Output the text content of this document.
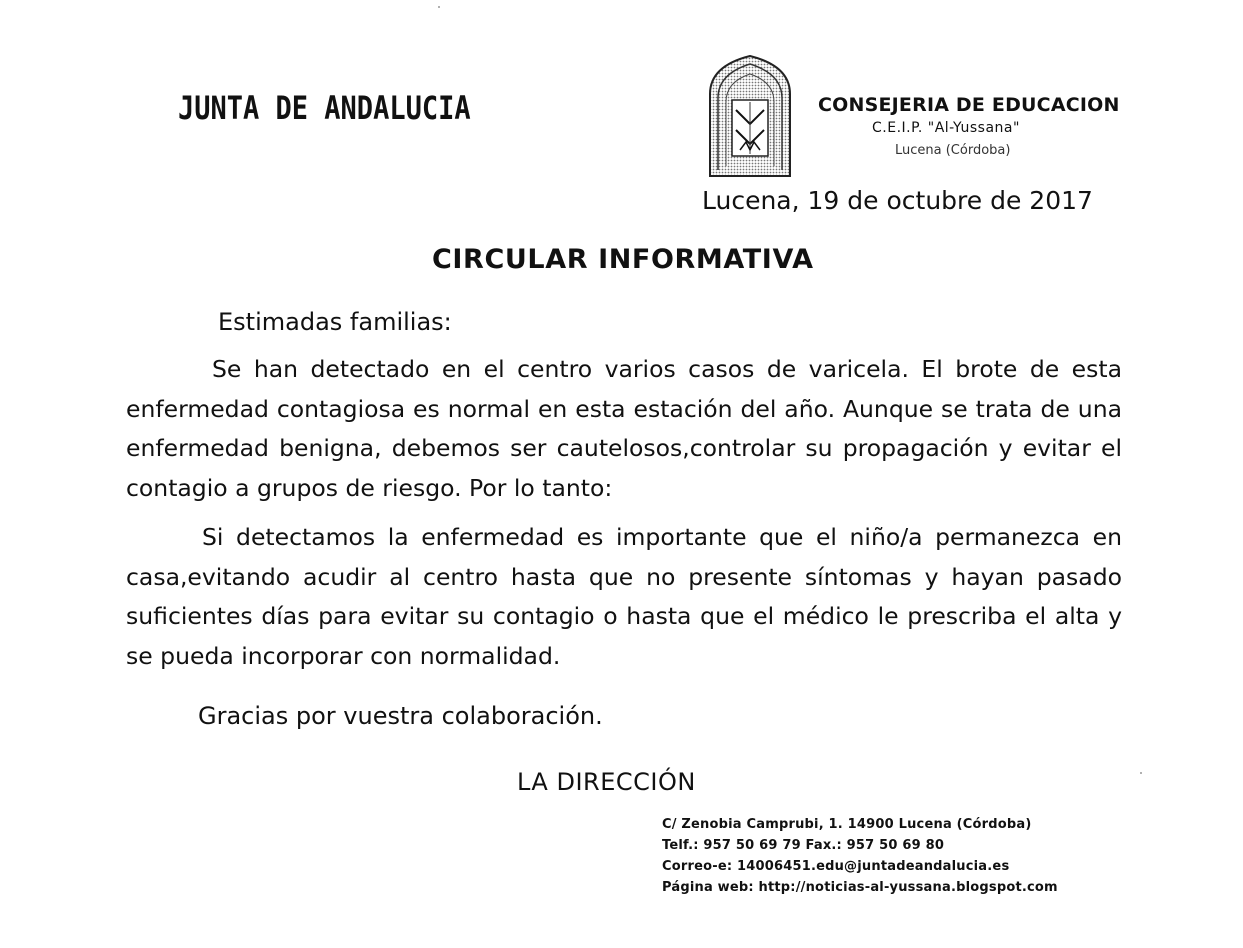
JUNTA DE ANDALUCIA	CONSEJERIA DE EDUCACION
C.E.I.P. "Al-Yussana"
Lucena (Córdoba)
Lucena, 19 de octubre de 2017
CIRCULAR INFORMATIVA
Estimadas familias:

Se han detectado en el centro varios casos de varicela. El brote de esta enfermedad contagiosa es normal en esta estación del año. Aunque se trata de una enfermedad benigna, debemos ser cautelosos,controlar su propagación y evitar el contagio a grupos de riesgo. Por lo tanto:

Si detectamos la enfermedad es importante que el niño/a permanezca en casa,evitando acudir al centro hasta que no presente síntomas y hayan pasado suficientes días para evitar su contagio o hasta que el médico le prescriba el alta y se pueda incorporar con normalidad.

Gracias por vuestra colaboración.
LA DIRECCIÓN
C/ Zenobia Camprubi, 1. 14900 Lucena (Córdoba)
Telf.: 957 50 69 79 Fax.: 957 50 69 80
Correo-e: 14006451.edu@juntadeandalucia.es
Página web: http://noticias-al-yussana.blogspot.com
